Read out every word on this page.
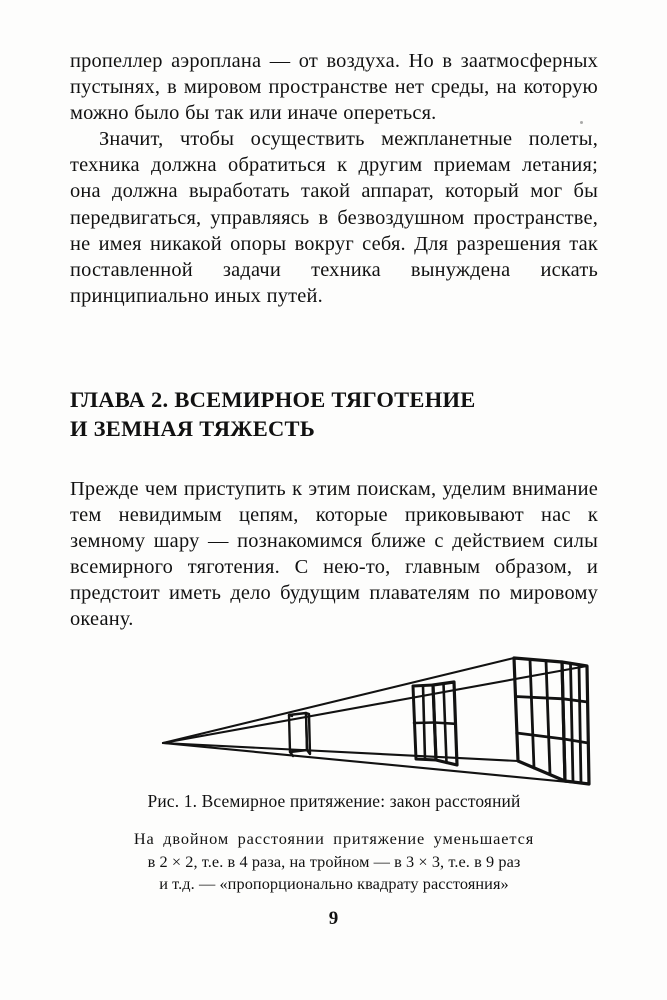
пропеллер аэроплана — от воздуха. Но в заатмосферных пустынях, в мировом пространстве нет среды, на которую можно было бы так или иначе опереться.

Значит, чтобы осуществить межпланетные полеты, техника должна обратиться к другим приемам летания; она должна выработать такой аппарат, который мог бы передвигаться, управляясь в безвоздушном пространстве, не имея никакой опоры вокруг себя. Для разрешения так поставленной задачи техника вынуждена искать принципиально иных путей.

ГЛАВА 2. ВСЕМИРНОЕ ТЯГОТЕНИЕ
И ЗЕМНАЯ ТЯЖЕСТЬ

Прежде чем приступить к этим поискам, уделим внимание тем невидимым цепям, которые приковывают нас к земному шару — познакомимся ближе с действием силы всемирного тяготения. С нею-то, главным образом, и предстоит иметь дело будущим плавателям по мировому океану.

Рис. 1. Всемирное притяжение: закон расстояний

На двойном расстоянии притяжение уменьшается
в 2 × 2, т.е. в 4 раза, на тройном — в 3 × 3, т.е. в 9 раз
и т.д. — «пропорционально квадрату расстояния»
9
